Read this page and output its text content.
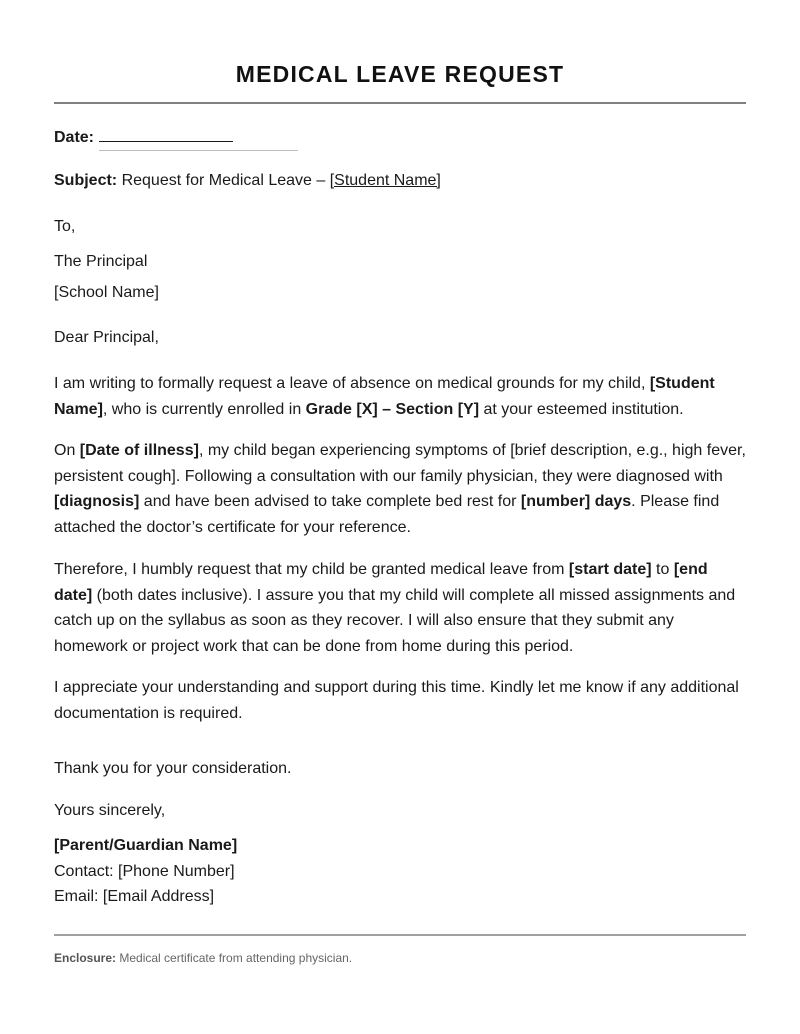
MEDICAL LEAVE REQUEST
Date:
Subject: Request for Medical Leave – [Student Name]
To,
The Principal
[School Name]
Dear Principal,
I am writing to formally request a leave of absence on medical grounds for my child, [Student Name], who is currently enrolled in Grade [X] – Section [Y] at your esteemed institution.
On [Date of illness], my child began experiencing symptoms of [brief description, e.g., high fever, persistent cough]. Following a consultation with our family physician, they were diagnosed with [diagnosis] and have been advised to take complete bed rest for [number] days. Please find attached the doctor’s certificate for your reference.
Therefore, I humbly request that my child be granted medical leave from [start date] to [end date] (both dates inclusive). I assure you that my child will complete all missed assignments and catch up on the syllabus as soon as they recover. I will also ensure that they submit any homework or project work that can be done from home during this period.
I appreciate your understanding and support during this time. Kindly let me know if any additional documentation is required.
Thank you for your consideration.
Yours sincerely,
[Parent/Guardian Name]
Contact: [Phone Number]
Email: [Email Address]
Enclosure: Medical certificate from attending physician.
